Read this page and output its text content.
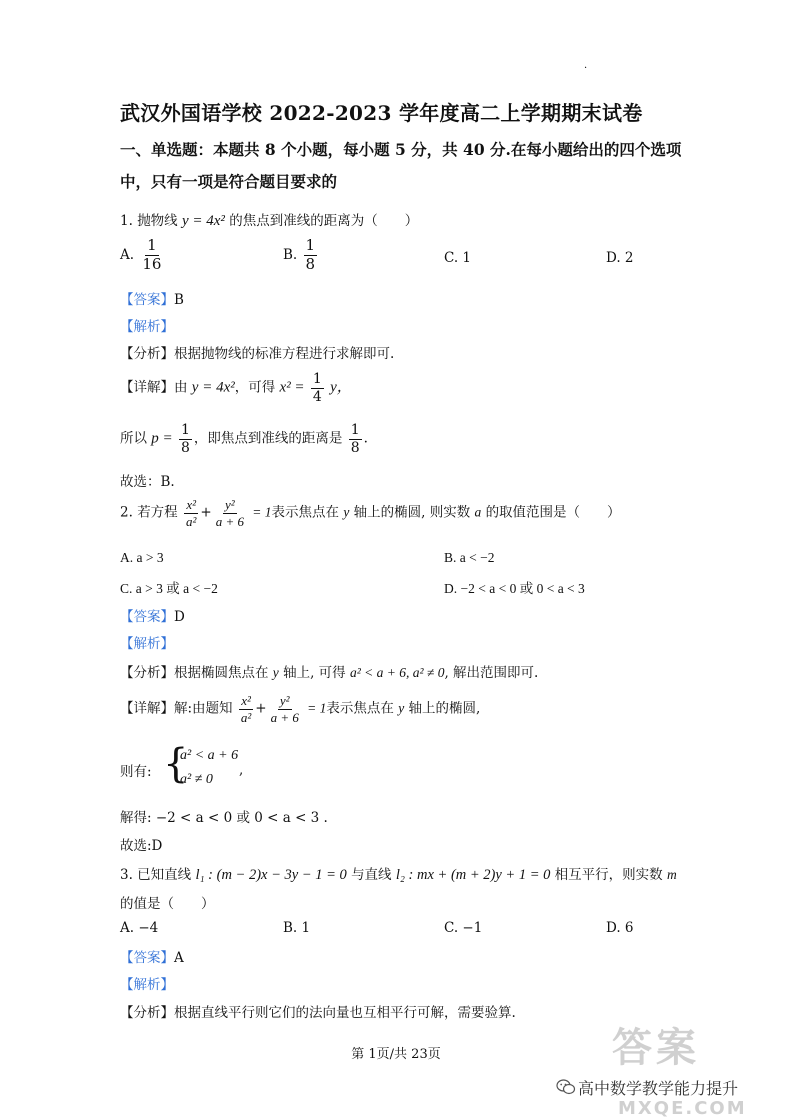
·
武汉外国语学校 2022-2023 学年度高二上学期期末试卷
一、单选题：本题共 8 个小题，每小题 5 分，共 40 分.在每小题给出的四个选项
中，只有一项是符合题目要求的
1. 抛物线 y = 4x² 的焦点到准线的距离为（　　）
A. $\frac{1}{16}$	B. $\frac{1}{8}$	C. 1	D. 2
【答案】B
【解析】
【分析】根据抛物线的标准方程进行求解即可.
【详解】由 y = 4x²，可得 $x^2 = \frac{1}{4}$ y，
所以 $p = \frac{1}{8}$ ，即焦点到准线的距离是 $\frac{1}{8}$ .
故选：B.
2. 若方程 $\frac{\text{x²}}{\text{a²}} + \frac{\text{y²}}{a + 6} = 1$表示焦点在 y 轴上的椭圆, 则实数 a 的取值范围是（　　）
A. a > 3	B. a < −2
C. a > 3 或 a < −2	D. −2 < a < 0 或 0 < a < 3
【答案】D
【解析】
【分析】根据椭圆焦点在 y 轴上, 可得 a² < a + 6, a² ≠ 0, 解出范围即可.
【详解】解:由题知 $\frac{\text{x²}}{\text{a²}} + \frac{\text{y²}}{a + 6} = 1$表示焦点在 y 轴上的椭圆,
则有: {
a² < a + 6
a² ≠ 0
,
解得: −2 < a < 0 或 0 < a < 3 .
故选:D
3. 已知直线 l₁ : (m − 2)x − 3y − 1 = 0 与直线 l₂ : mx + (m + 2)y + 1 = 0 相互平行，则实数 m
的值是（　　）
A. −4	B. 1	C. −1	D. 6
【答案】A
【解析】
【分析】根据直线平行则它们的法向量也互相平行可解，需要验算.
第 1页/共 23页	答案
高中数学教学能力提升
MXQE.COM
